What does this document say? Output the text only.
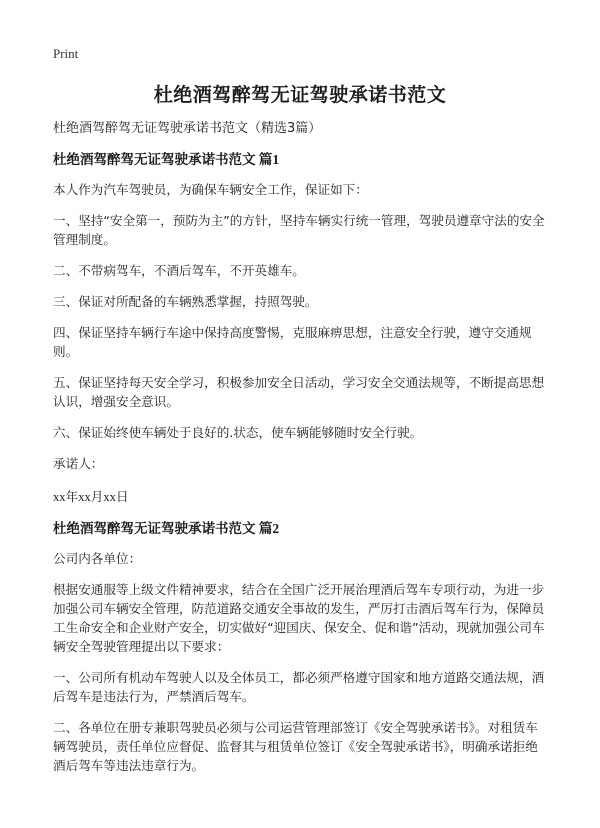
Print
杜绝酒驾醉驾无证驾驶承诺书范文

杜绝酒驾醉驾无证驾驶承诺书范文（精选3篇）

杜绝酒驾醉驾无证驾驶承诺书范文 篇1

本人作为汽车驾驶员，为确保车辆安全工作，保证如下：

一、坚持“安全第一，预防为主”的方针，坚持车辆实行统一管理，驾驶员遵章守法的安全管理制度。

二、不带病驾车，不酒后驾车，不开英雄车。

三、保证对所配备的车辆熟悉掌握，持照驾驶。

四、保证坚持车辆行车途中保持高度警惕，克服麻痹思想，注意安全行驶，遵守交通规则。

五、保证坚持每天安全学习，积极参加安全日活动，学习安全交通法规等，不断提高思想认识，增强安全意识。

六、保证始终使车辆处于良好的.状态，使车辆能够随时安全行驶。

承诺人：

xx年xx月xx日

杜绝酒驾醉驾无证驾驶承诺书范文 篇2

公司内各单位：

根据安通服等上级文件精神要求，结合在全国广泛开展治理酒后驾车专项行动，为进一步加强公司车辆安全管理，防范道路交通安全事故的发生，严厉打击酒后驾车行为，保障员工生命安全和企业财产安全，切实做好“迎国庆、保安全、促和谐”活动，现就加强公司车辆安全驾驶管理提出以下要求：

一、公司所有机动车驾驶人以及全体员工，都必须严格遵守国家和地方道路交通法规，酒后驾车是违法行为，严禁酒后驾车。

二、各单位在册专兼职驾驶员必须与公司运营管理部签订《安全驾驶承诺书》。对租赁车辆驾驶员，责任单位应督促、监督其与租赁单位签订《安全驾驶承诺书》，明确承诺拒绝酒后驾车等违法违章行为。
